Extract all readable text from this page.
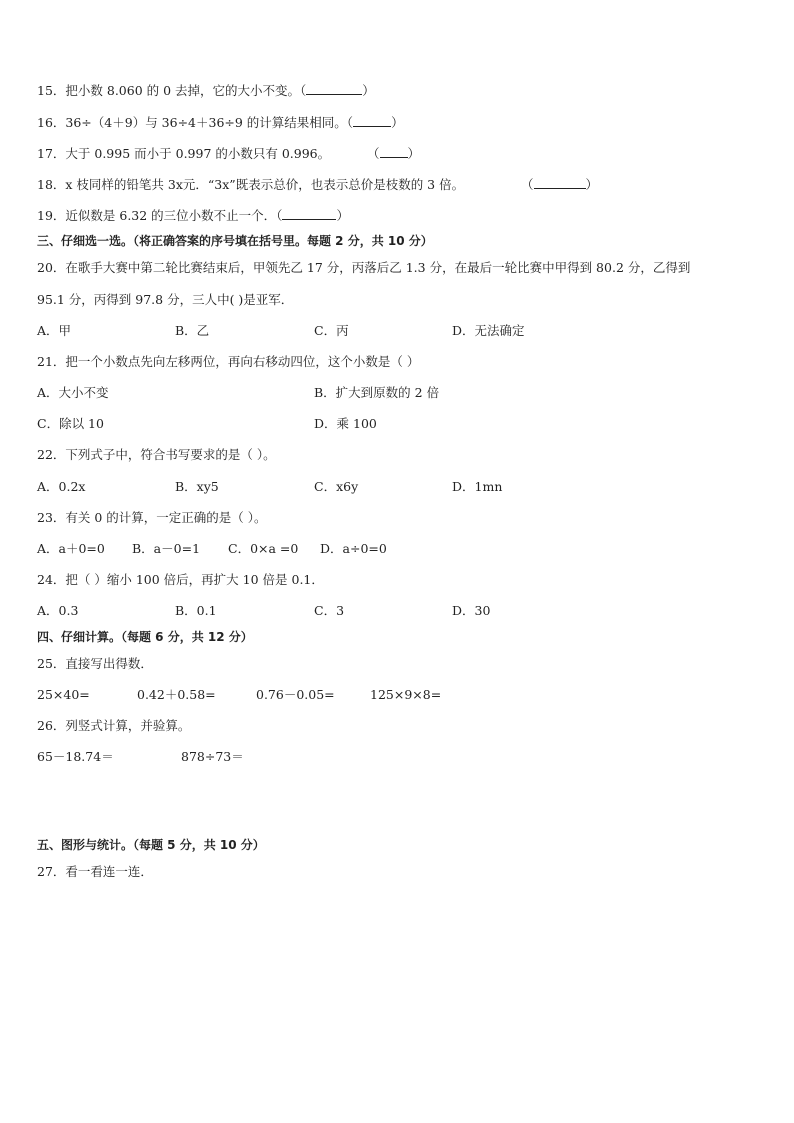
15．把小数 8.060 的 0 去掉，它的大小不变。（	）
16．36÷（4＋9）与 36÷4＋36÷9 的计算结果相同。（	）
17．大于 0.995 而小于 0.997 的小数只有 0.996。	（ ）
18．x 枝同样的铅笔共 3x元．“3x”既表示总价，也表示总价是枝数的 3 倍。	（	）
19．近似数是 6.32 的三位小数不止一个．（	）
三、仔细选一选。（将正确答案的序号填在括号里。每题 2 分，共 10 分）
20．在歌手大赛中第二轮比赛结束后，甲领先乙 17 分，丙落后乙 1.3 分，在最后一轮比赛中甲得到 80.2 分，乙得到
95.1 分，丙得到 97.8 分，三人中( )是亚军．
A．甲	B．乙	C．丙	D．无法确定
21．把一个小数点先向左移两位，再向右移动四位，这个小数是（ ）
A．大小不变	B．扩大到原数的 2 倍
C．除以 10	D．乘 100
22．下列式子中，符合书写要求的是（ ）。
A．0.2x	B．xy5	C．x6y	D．1mn
23．有关 0 的计算，一定正确的是（ ）。
A．a＋0=0 B．a－0=1 C．0×a =0 D．a÷0=0
24．把（ ）缩小 100 倍后，再扩大 10 倍是 0.1．
A．0.3	B．0.1	C．3	D．30
四、仔细计算。（每题 6 分，共 12 分）
25．直接写出得数．
25×40=	0.42＋0.58=	0.76－0.05=	125×9×8=
26．列竖式计算，并验算。
65－18.74＝	878÷73＝
五、图形与统计。（每题 5 分，共 10 分）
27．看一看连一连．
